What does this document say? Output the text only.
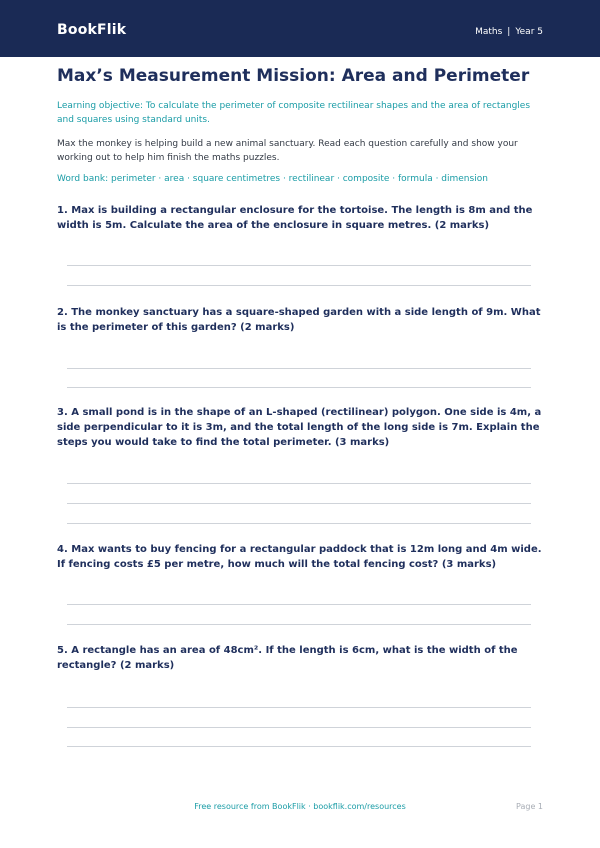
BookFlik	Maths | Year 5
Max’s Measurement Mission: Area and Perimeter
Learning objective: To calculate the perimeter of composite rectilinear shapes and the area of rectangles and squares using standard units.
Max the monkey is helping build a new animal sanctuary. Read each question carefully and show your working out to help him finish the maths puzzles.
Word bank: perimeter · area · square centimetres · rectilinear · composite · formula · dimension
1. Max is building a rectangular enclosure for the tortoise. The length is 8m and the width is 5m. Calculate the area of the enclosure in square metres. (2 marks)
2. The monkey sanctuary has a square-shaped garden with a side length of 9m. What is the perimeter of this garden? (2 marks)
3. A small pond is in the shape of an L-shaped (rectilinear) polygon. One side is 4m, a side perpendicular to it is 3m, and the total length of the long side is 7m. Explain the steps you would take to find the total perimeter. (3 marks)
4. Max wants to buy fencing for a rectangular paddock that is 12m long and 4m wide. If fencing costs £5 per metre, how much will the total fencing cost? (3 marks)
5. A rectangle has an area of 48cm². If the length is 6cm, what is the width of the rectangle? (2 marks)
Free resource from BookFlik · bookflik.com/resources	Page 1
